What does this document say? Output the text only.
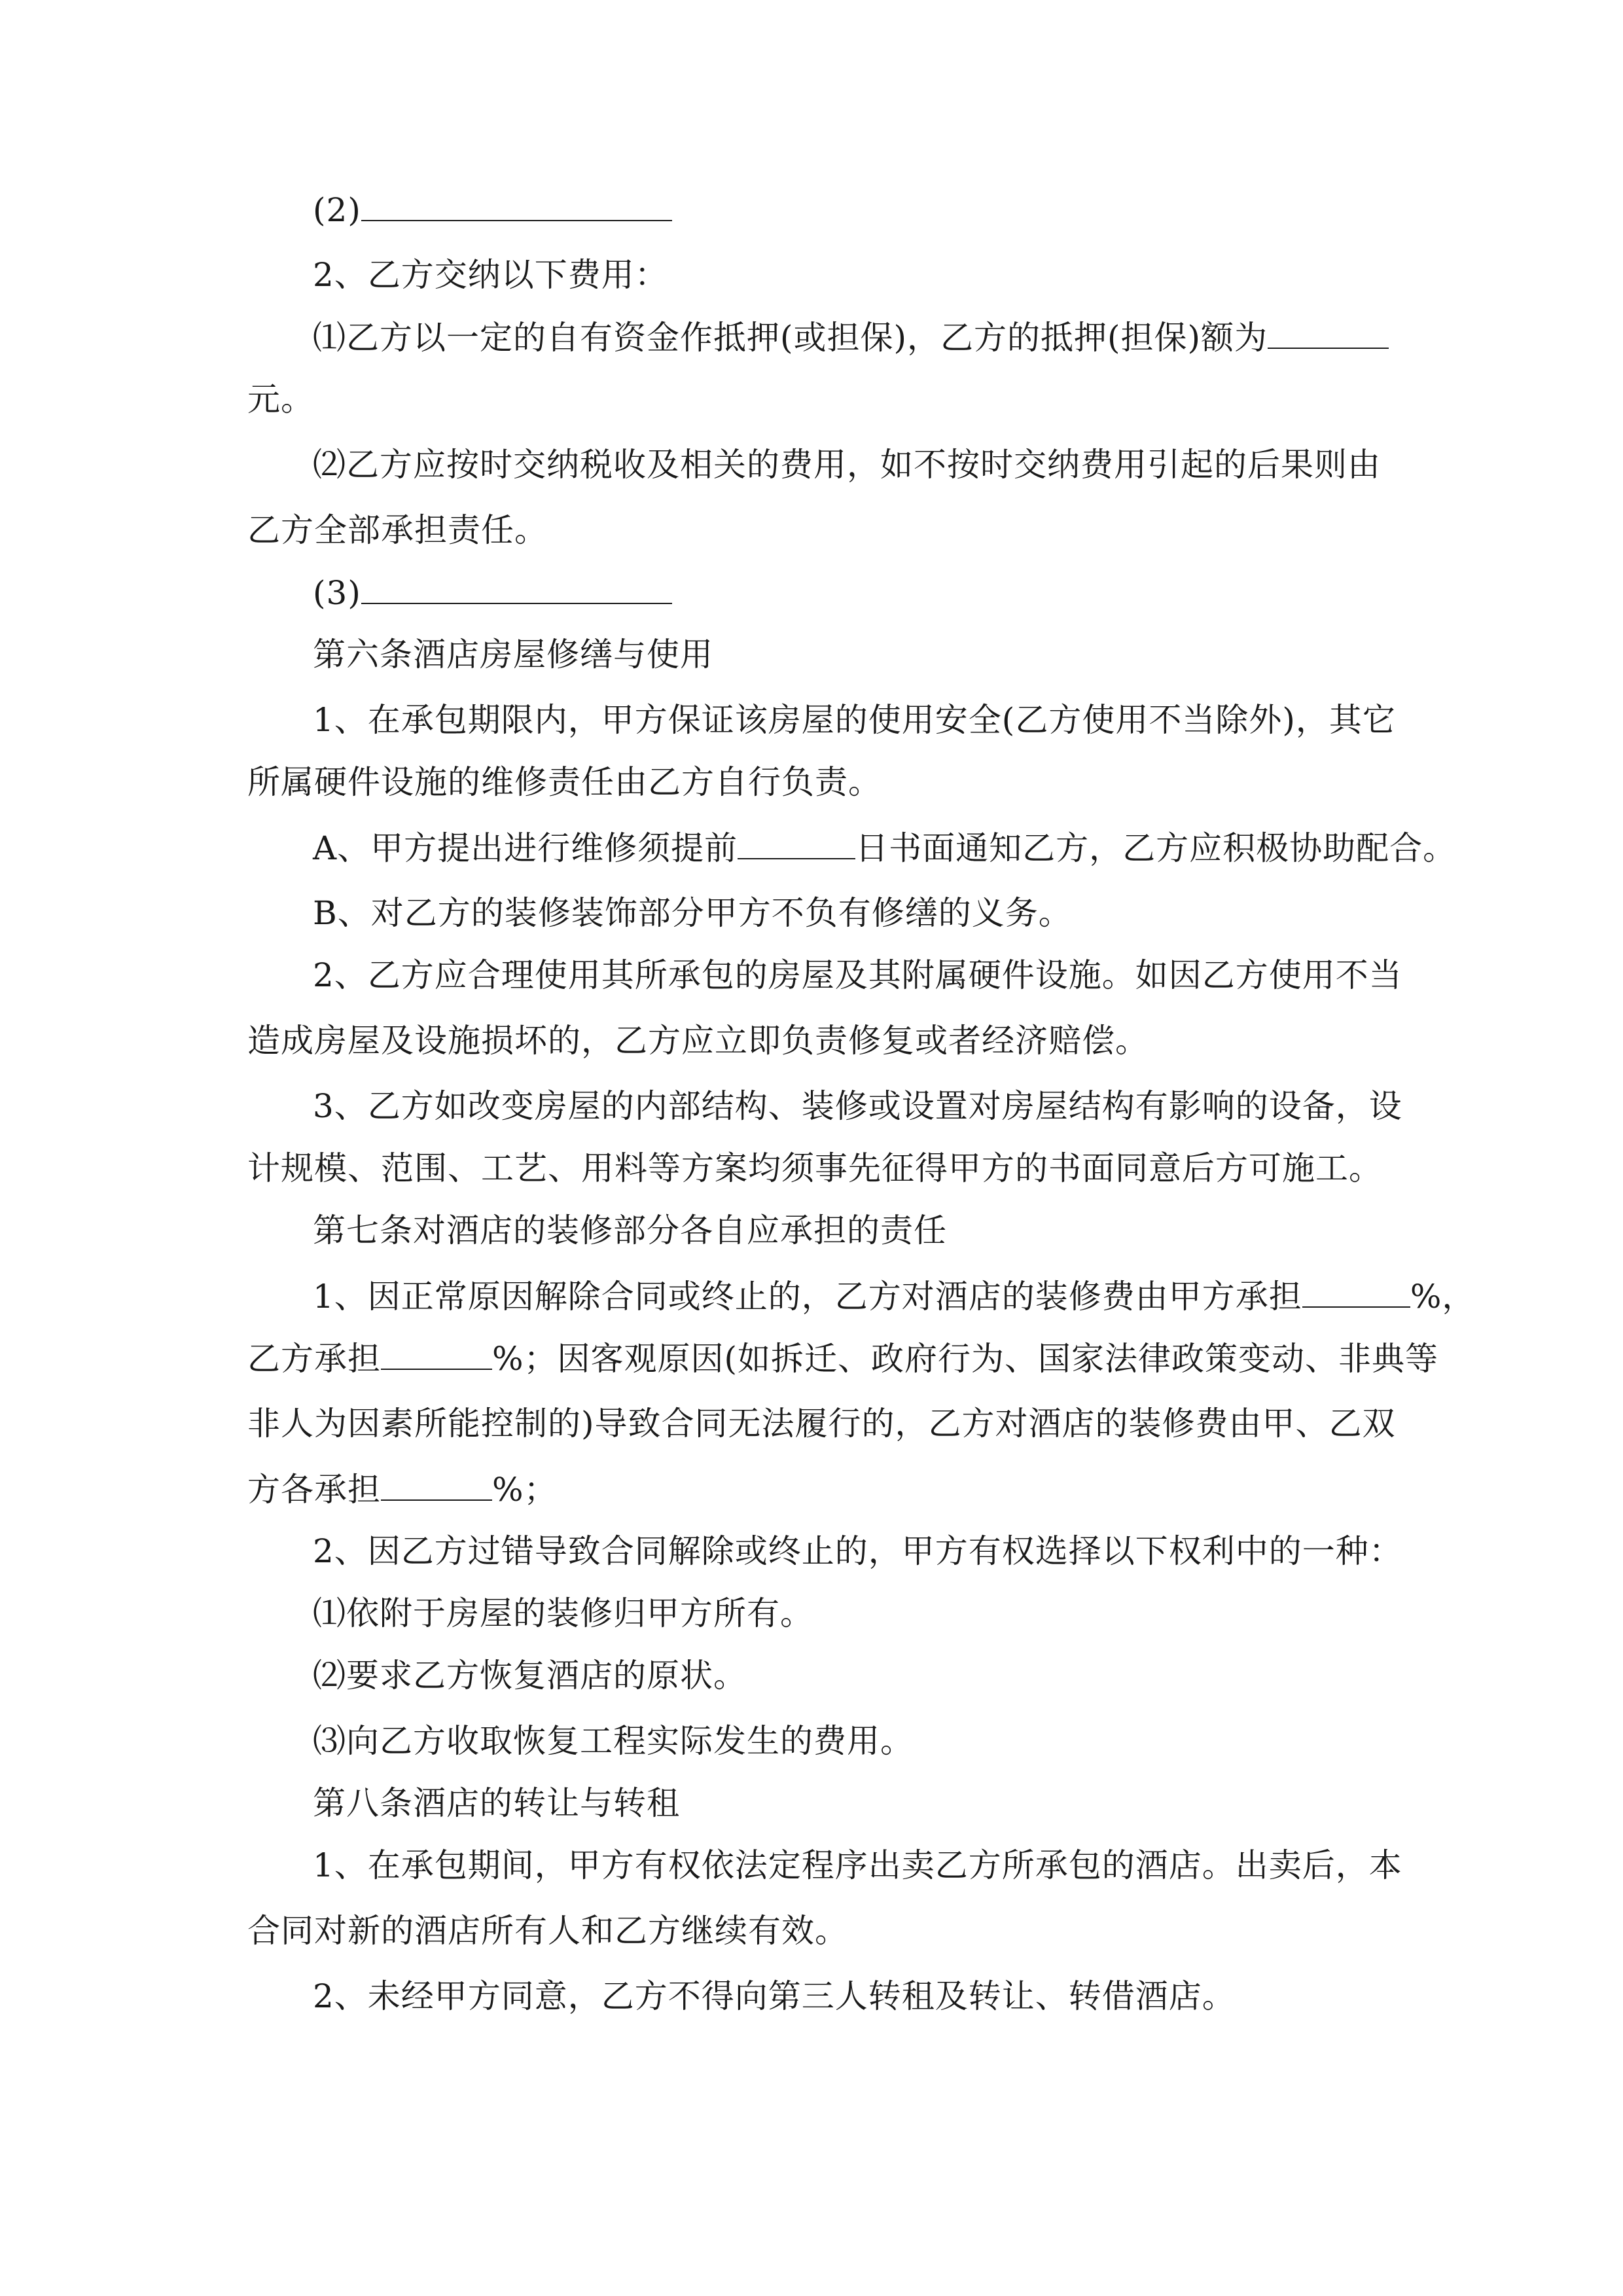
(2)
2、乙方交纳以下费用：
⑴乙方以一定的自有资金作抵押(或担保)，乙方的抵押(担保)额为
元。
⑵乙方应按时交纳税收及相关的费用，如不按时交纳费用引起的后果则由
乙方全部承担责任。
(3)
第六条酒店房屋修缮与使用
1、在承包期限内，甲方保证该房屋的使用安全(乙方使用不当除外)，其它
所属硬件设施的维修责任由乙方自行负责。
A、甲方提出进行维修须提前	日书面通知乙方，乙方应积极协助配合。
B、对乙方的装修装饰部分甲方不负有修缮的义务。
2、乙方应合理使用其所承包的房屋及其附属硬件设施。如因乙方使用不当
造成房屋及设施损坏的，乙方应立即负责修复或者经济赔偿。
3、乙方如改变房屋的内部结构、装修或设置对房屋结构有影响的设备，设
计规模、范围、工艺、用料等方案均须事先征得甲方的书面同意后方可施工。
第七条对酒店的装修部分各自应承担的责任
1、因正常原因解除合同或终止的，乙方对酒店的装修费由甲方承担	%，
乙方承担	%；因客观原因(如拆迁、政府行为、国家法律政策变动、非典等
非人为因素所能控制的)导致合同无法履行的，乙方对酒店的装修费由甲、乙双
方各承担	%；
2、因乙方过错导致合同解除或终止的，甲方有权选择以下权利中的一种：
⑴依附于房屋的装修归甲方所有。
⑵要求乙方恢复酒店的原状。
⑶向乙方收取恢复工程实际发生的费用。
第八条酒店的转让与转租
1、在承包期间，甲方有权依法定程序出卖乙方所承包的酒店。出卖后，本
合同对新的酒店所有人和乙方继续有效。
2、未经甲方同意，乙方不得向第三人转租及转让、转借酒店。
